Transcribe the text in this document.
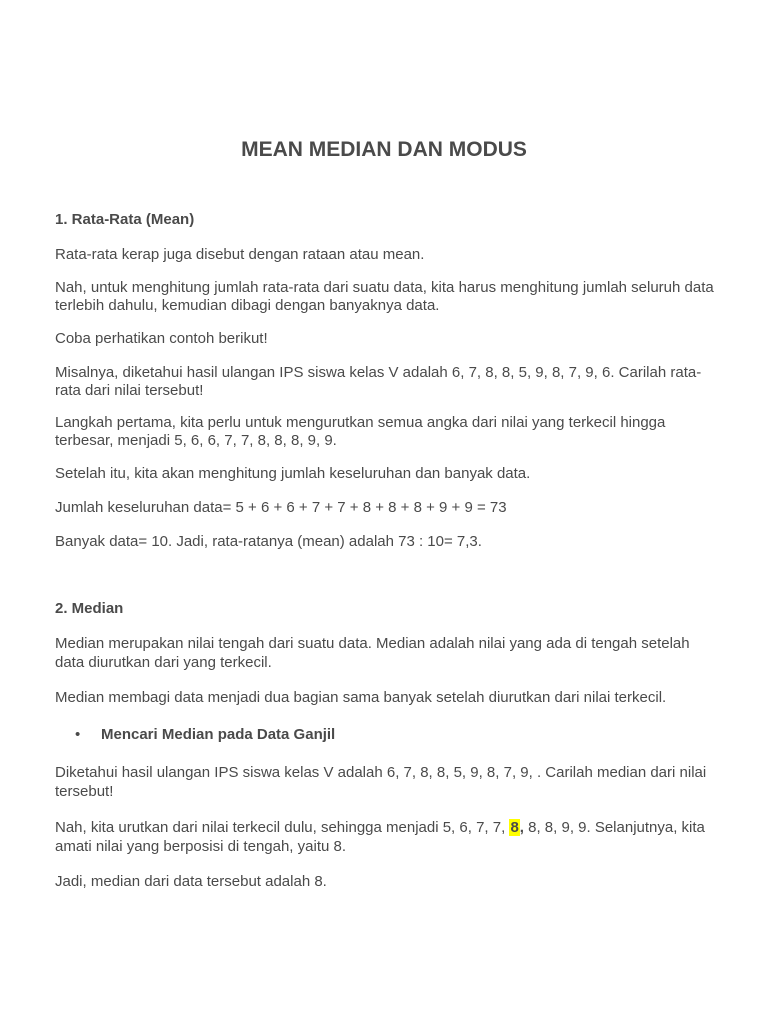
MEAN MEDIAN DAN MODUS

1. Rata-Rata (Mean)

Rata-rata kerap juga disebut dengan rataan atau mean.

Nah, untuk menghitung jumlah rata-rata dari suatu data, kita harus menghitung jumlah seluruh data terlebih dahulu, kemudian dibagi dengan banyaknya data.

Coba perhatikan contoh berikut!

Misalnya, diketahui hasil ulangan IPS siswa kelas V adalah 6, 7, 8, 8, 5, 9, 8, 7, 9, 6. Carilah rata-rata dari nilai tersebut!

Langkah pertama, kita perlu untuk mengurutkan semua angka dari nilai yang terkecil hingga terbesar, menjadi 5, 6, 6, 7, 7, 8, 8, 8, 9, 9.

Setelah itu, kita akan menghitung jumlah keseluruhan dan banyak data.

Jumlah keseluruhan data= 5 + 6 + 6 + 7 + 7 + 8 + 8 + 8 + 9 + 9 = 73

Banyak data= 10. Jadi, rata-ratanya (mean) adalah 73 : 10= 7,3.

2. Median

Median merupakan nilai tengah dari suatu data. Median adalah nilai yang ada di tengah setelah data diurutkan dari yang terkecil.

Median membagi data menjadi dua bagian sama banyak setelah diurutkan dari nilai terkecil.

• Mencari Median pada Data Ganjil

Diketahui hasil ulangan IPS siswa kelas V adalah 6, 7, 8, 8, 5, 9, 8, 7, 9, . Carilah median dari nilai tersebut!

Nah, kita urutkan dari nilai terkecil dulu, sehingga menjadi 5, 6, 7, 7, 8, 8, 8, 9, 9. Selanjutnya, kita amati nilai yang berposisi di tengah, yaitu 8.

Jadi, median dari data tersebut adalah 8.
